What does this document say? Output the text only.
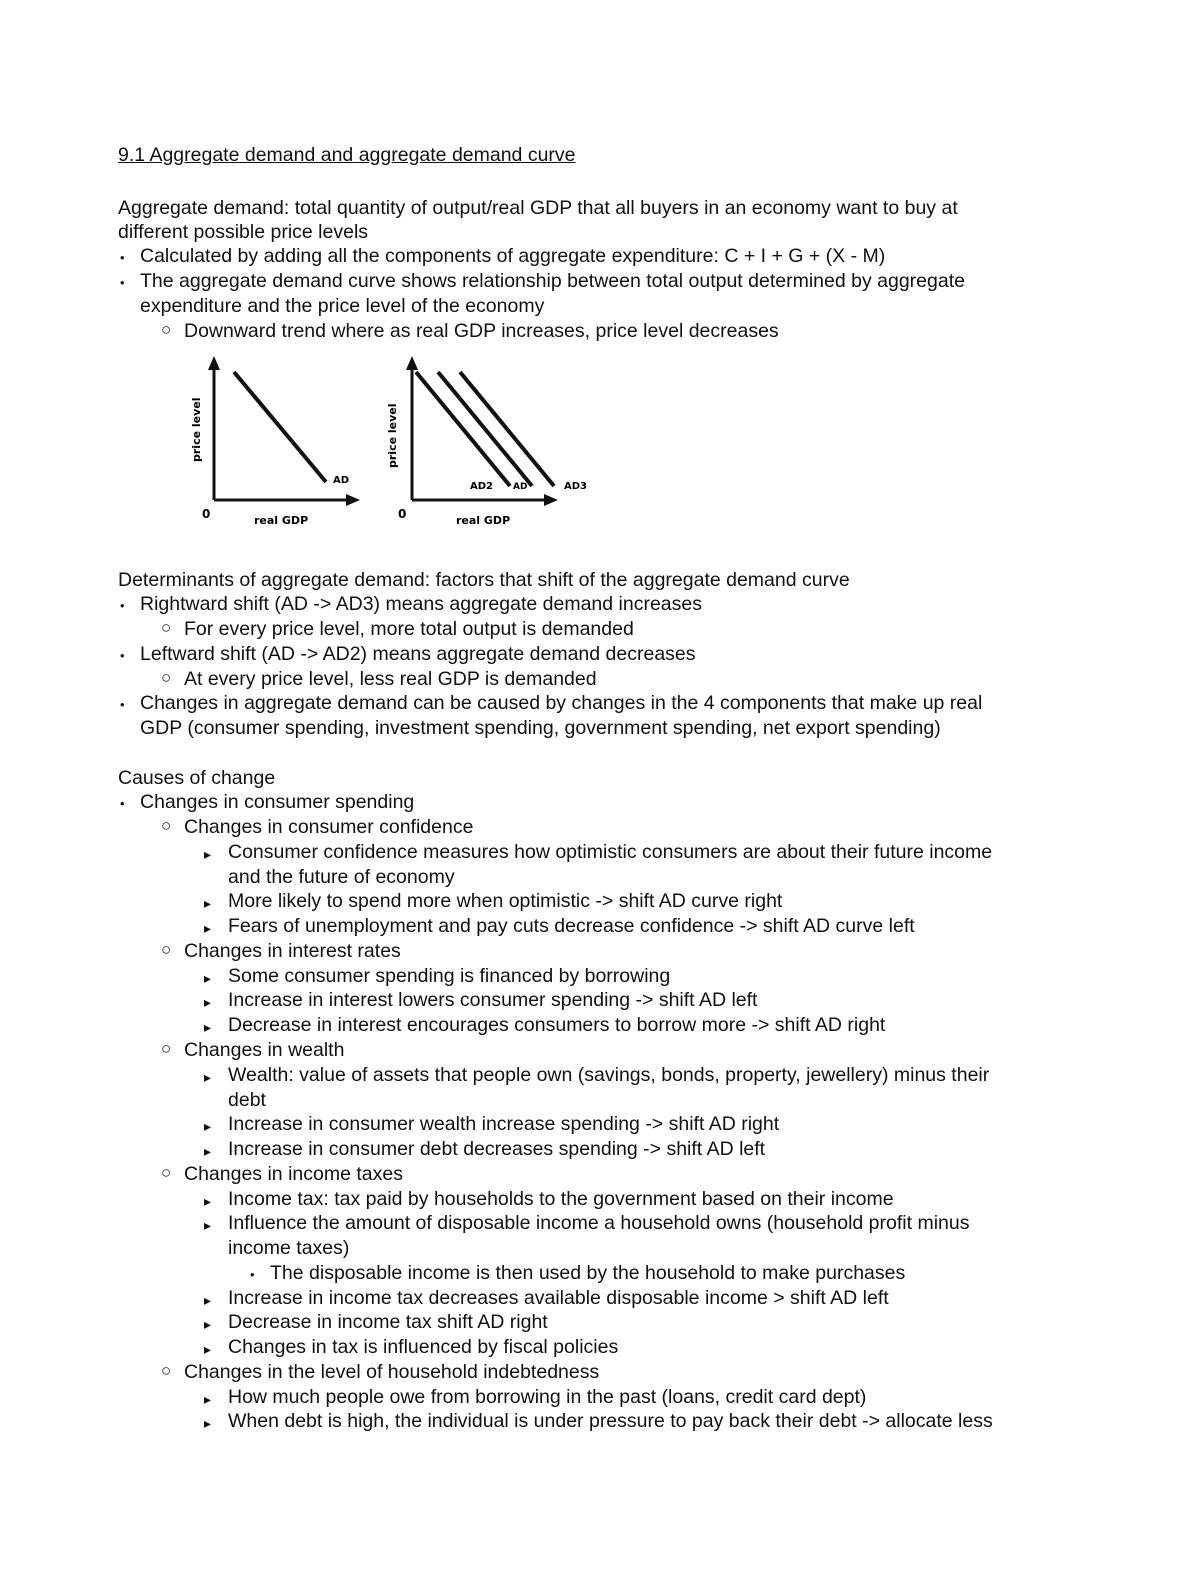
9.1 Aggregate demand and aggregate demand curve
Aggregate demand: total quantity of output/real GDP that all buyers in an economy want to buy at
different possible price levels
• Calculated by adding all the components of aggregate expenditure: C + I + G + (X - M)
• The aggregate demand curve shows relationship between total output determined by aggregate
expenditure and the price level of the economy
○ Downward trend where as real GDP increases, price level decreases
AD
0	real GDP
price level
AD2 AD	AD3
0	real GDP
price level
Determinants of aggregate demand: factors that shift of the aggregate demand curve
• Rightward shift (AD -> AD3) means aggregate demand increases
○ For every price level, more total output is demanded
• Leftward shift (AD -> AD2) means aggregate demand decreases
○ At every price level, less real GDP is demanded
• Changes in aggregate demand can be caused by changes in the 4 components that make up real
GDP (consumer spending, investment spending, government spending, net export spending)
Causes of change
• Changes in consumer spending
○ Changes in consumer confidence
▸ Consumer confidence measures how optimistic consumers are about their future income
and the future of economy
▸ More likely to spend more when optimistic -> shift AD curve right
▸ Fears of unemployment and pay cuts decrease confidence -> shift AD curve left
○ Changes in interest rates
▸ Some consumer spending is financed by borrowing
▸ Increase in interest lowers consumer spending -> shift AD left
▸ Decrease in interest encourages consumers to borrow more -> shift AD right
○ Changes in wealth
▸ Wealth: value of assets that people own (savings, bonds, property, jewellery) minus their
debt
▸ Increase in consumer wealth increase spending -> shift AD right
▸ Increase in consumer debt decreases spending -> shift AD left
○ Changes in income taxes
▸ Income tax: tax paid by households to the government based on their income
▸ Influence the amount of disposable income a household owns (household profit minus
income taxes)
• The disposable income is then used by the household to make purchases
▸ Increase in income tax decreases available disposable income > shift AD left
▸ Decrease in income tax shift AD right
▸ Changes in tax is influenced by fiscal policies
○ Changes in the level of household indebtedness
▸ How much people owe from borrowing in the past (loans, credit card dept)
▸ When debt is high, the individual is under pressure to pay back their debt -> allocate less
